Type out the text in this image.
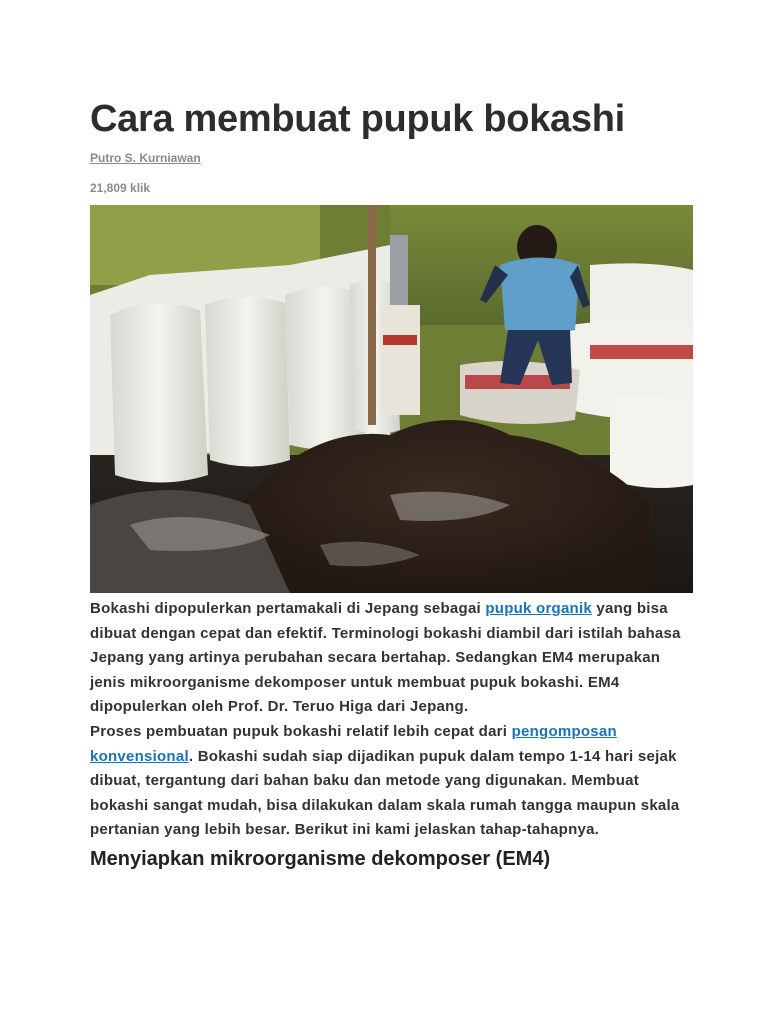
Cara membuat pupuk bokashi
Putro S. Kurniawan
21,809 klik

Bokashi dipopulerkan pertamakali di Jepang sebagai pupuk organik yang bisa dibuat dengan cepat dan efektif. Terminologi bokashi diambil dari istilah bahasa Jepang yang artinya perubahan secara bertahap. Sedangkan EM4 merupakan jenis mikroorganisme dekomposer untuk membuat pupuk bokashi. EM4 dipopulerkan oleh Prof. Dr. Teruo Higa dari Jepang.

Proses pembuatan pupuk bokashi relatif lebih cepat dari pengomposan konvensional. Bokashi sudah siap dijadikan pupuk dalam tempo 1-14 hari sejak dibuat, tergantung dari bahan baku dan metode yang digunakan. Membuat bokashi sangat mudah, bisa dilakukan dalam skala rumah tangga maupun skala pertanian yang lebih besar. Berikut ini kami jelaskan tahap-tahapnya.

Menyiapkan mikroorganisme dekomposer (EM4)
